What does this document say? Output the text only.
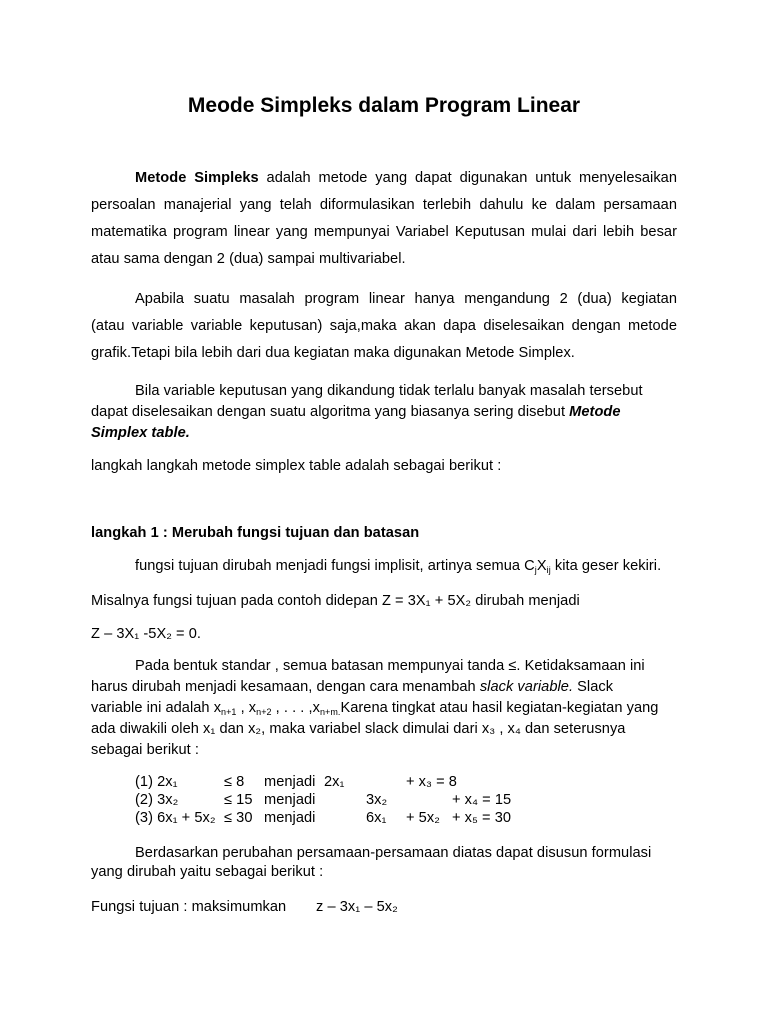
Meode Simpleks dalam Program Linear
Metode Simpleks adalah metode yang dapat digunakan untuk menyelesaikan
persoalan manajerial yang telah diformulasikan terlebih dahulu ke dalam persamaan
matematika program linear yang mempunyai Variabel Keputusan mulai dari lebih besar
atau sama dengan 2 (dua) sampai multivariabel.
Apabila suatu masalah program linear hanya mengandung 2 (dua) kegiatan
(atau variable variable keputusan) saja,maka akan dapa diselesaikan dengan metode
grafik.Tetapi bila lebih dari dua kegiatan maka digunakan Metode Simplex.
Bila variable keputusan yang dikandung tidak terlalu banyak masalah tersebut
dapat diselesaikan dengan suatu algoritma yang biasanya sering disebut Metode
Simplex table.
langkah langkah metode simplex table adalah sebagai berikut :
langkah 1 : Merubah fungsi tujuan dan batasan
fungsi tujuan dirubah menjadi fungsi implisit, artinya semua $C_jX_{ij}$ kita geser kekiri.
Misalnya fungsi tujuan pada contoh didepan Z = 3X₁ + 5X₂ dirubah menjadi
Z – 3X₁ -5X₂ = 0.
Pada bentuk standar , semua batasan mempunyai tanda ≤. Ketidaksamaan ini
harus dirubah menjadi kesamaan, dengan cara menambah slack variable. Slack
variable ini adalah $x_{n+1}$ , $x_{n+2}$ , . . . $,x_{n+m.}Karena$ tingkat atau hasil kegiatan-kegiatan yang
ada diwakili oleh x₁ dan x₂, maka variabel slack dimulai dari x₃ , x₄ dan seterusnya
sebagai berikut :
(1) 2x₁	≤ 8 menjadi 2x₁	+ x₃ = 8
(2) 3x₂	≤ 15 menjadi	3x₂	+ x₄ = 15
(3) 6x₁ + 5x₂ ≤ 30 menjadi	6x₁ + 5x₂ + x₅ = 30
Berdasarkan perubahan persamaan-persamaan diatas dapat disusun formulasi
yang dirubah yaitu sebagai berikut :
Fungsi tujuan : maksimumkan z – 3x₁ – 5x₂
